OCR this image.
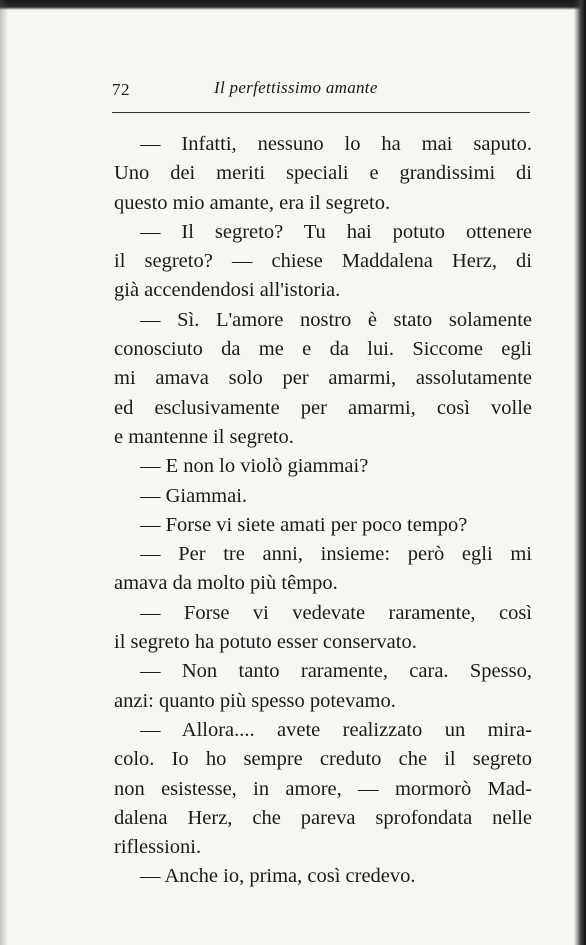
72	Il perfettissimo amante
— Infatti, nessuno lo ha mai saputo.
Uno dei meriti speciali e grandissimi di
questo mio amante, era il segreto.
— Il segreto? Tu hai potuto ottenere
il segreto? — chiese Maddalena Herz, di
già accendendosi all'istoria.
— Sì. L'amore nostro è stato solamente
conosciuto da me e da lui. Siccome egli
mi amava solo per amarmi, assolutamente
ed esclusivamente per amarmi, così volle
e mantenne il segreto.
— E non lo violò giammai?
— Giammai.
— Forse vi siete amati per poco tempo?
— Per tre anni, insieme: però egli mi
amava da molto più têmpo.
— Forse vi vedevate raramente, così
il segreto ha potuto esser conservato.
— Non tanto raramente, cara. Spesso,
anzi: quanto più spesso potevamo.
— Allora.... avete realizzato un mira-
colo. Io ho sempre creduto che il segreto
non esistesse, in amore, — mormorò Mad-
dalena Herz, che pareva sprofondata nelle
riflessioni.
— Anche io, prima, così credevo.
